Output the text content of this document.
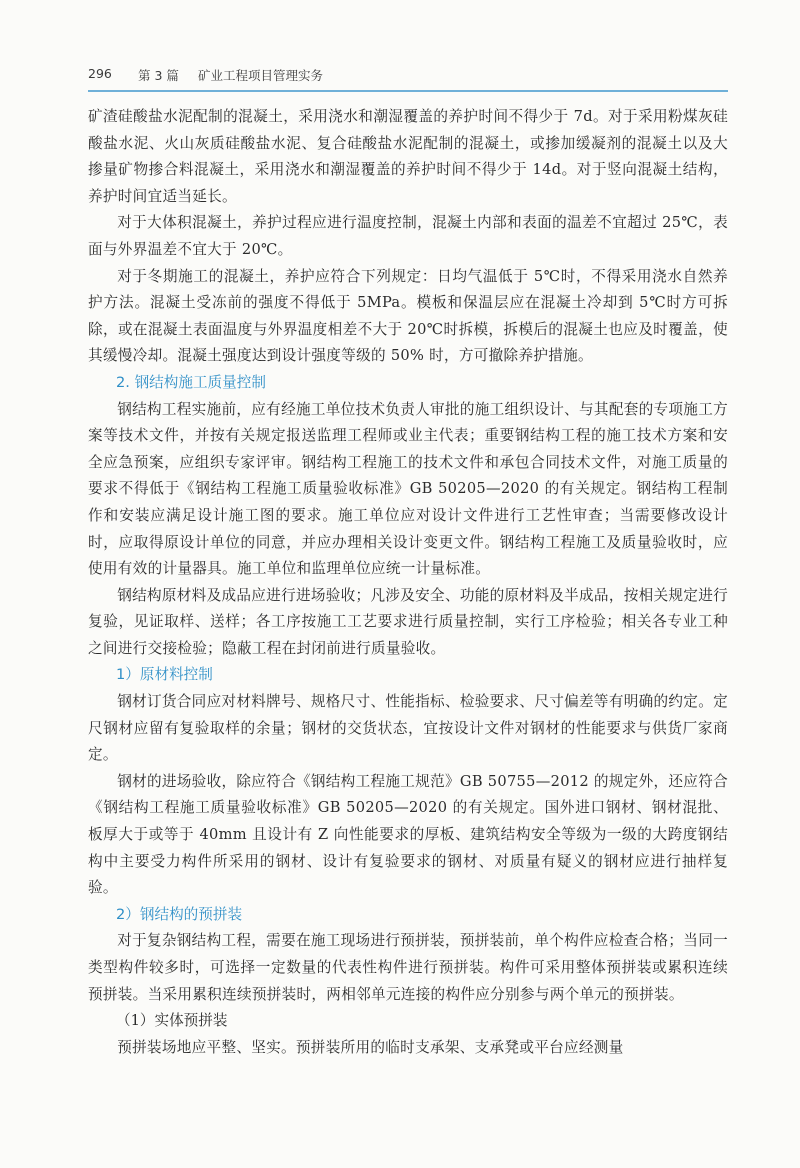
296 第 3 篇 矿业工程项目管理实务

矿渣硅酸盐水泥配制的混凝土，采用浇水和潮湿覆盖的养护时间不得少于 7d。对于采用粉煤灰硅酸盐水泥、火山灰质硅酸盐水泥、复合硅酸盐水泥配制的混凝土，或掺加缓凝剂的混凝土以及大掺量矿物掺合料混凝土，采用浇水和潮湿覆盖的养护时间不得少于 14d。对于竖向混凝土结构，养护时间宜适当延长。

对于大体积混凝土，养护过程应进行温度控制，混凝土内部和表面的温差不宜超过 25℃，表面与外界温差不宜大于 20℃。

对于冬期施工的混凝土，养护应符合下列规定：日均气温低于 5℃时，不得采用浇水自然养护方法。混凝土受冻前的强度不得低于 5MPa。模板和保温层应在混凝土冷却到 5℃时方可拆除，或在混凝土表面温度与外界温度相差不大于 20℃时拆模，拆模后的混凝土也应及时覆盖，使其缓慢冷却。混凝土强度达到设计强度等级的 50% 时，方可撤除养护措施。

2. 钢结构施工质量控制

钢结构工程实施前，应有经施工单位技术负责人审批的施工组织设计、与其配套的专项施工方案等技术文件，并按有关规定报送监理工程师或业主代表；重要钢结构工程的施工技术方案和安全应急预案，应组织专家评审。钢结构工程施工的技术文件和承包合同技术文件，对施工质量的要求不得低于《钢结构工程施工质量验收标准》GB 50205—2020 的有关规定。钢结构工程制作和安装应满足设计施工图的要求。施工单位应对设计文件进行工艺性审查；当需要修改设计时，应取得原设计单位的同意，并应办理相关设计变更文件。钢结构工程施工及质量验收时，应使用有效的计量器具。施工单位和监理单位应统一计量标准。

钢结构原材料及成品应进行进场验收；凡涉及安全、功能的原材料及半成品，按相关规定进行复验，见证取样、送样；各工序按施工工艺要求进行质量控制，实行工序检验；相关各专业工种之间进行交接检验；隐蔽工程在封闭前进行质量验收。

1）原材料控制

钢材订货合同应对材料牌号、规格尺寸、性能指标、检验要求、尺寸偏差等有明确的约定。定尺钢材应留有复验取样的余量；钢材的交货状态，宜按设计文件对钢材的性能要求与供货厂家商定。

钢材的进场验收，除应符合《钢结构工程施工规范》GB 50755—2012 的规定外，还应符合《钢结构工程施工质量验收标准》GB 50205—2020 的有关规定。国外进口钢材、钢材混批、板厚大于或等于 40mm 且设计有 Z 向性能要求的厚板、建筑结构安全等级为一级的大跨度钢结构中主要受力构件所采用的钢材、设计有复验要求的钢材、对质量有疑义的钢材应进行抽样复验。

2）钢结构的预拼装

对于复杂钢结构工程，需要在施工现场进行预拼装，预拼装前，单个构件应检查合格；当同一类型构件较多时，可选择一定数量的代表性构件进行预拼装。构件可采用整体预拼装或累积连续预拼装。当采用累积连续预拼装时，两相邻单元连接的构件应分别参与两个单元的预拼装。

（1）实体预拼装

预拼装场地应平整、坚实。预拼装所用的临时支承架、支承凳或平台应经测量
